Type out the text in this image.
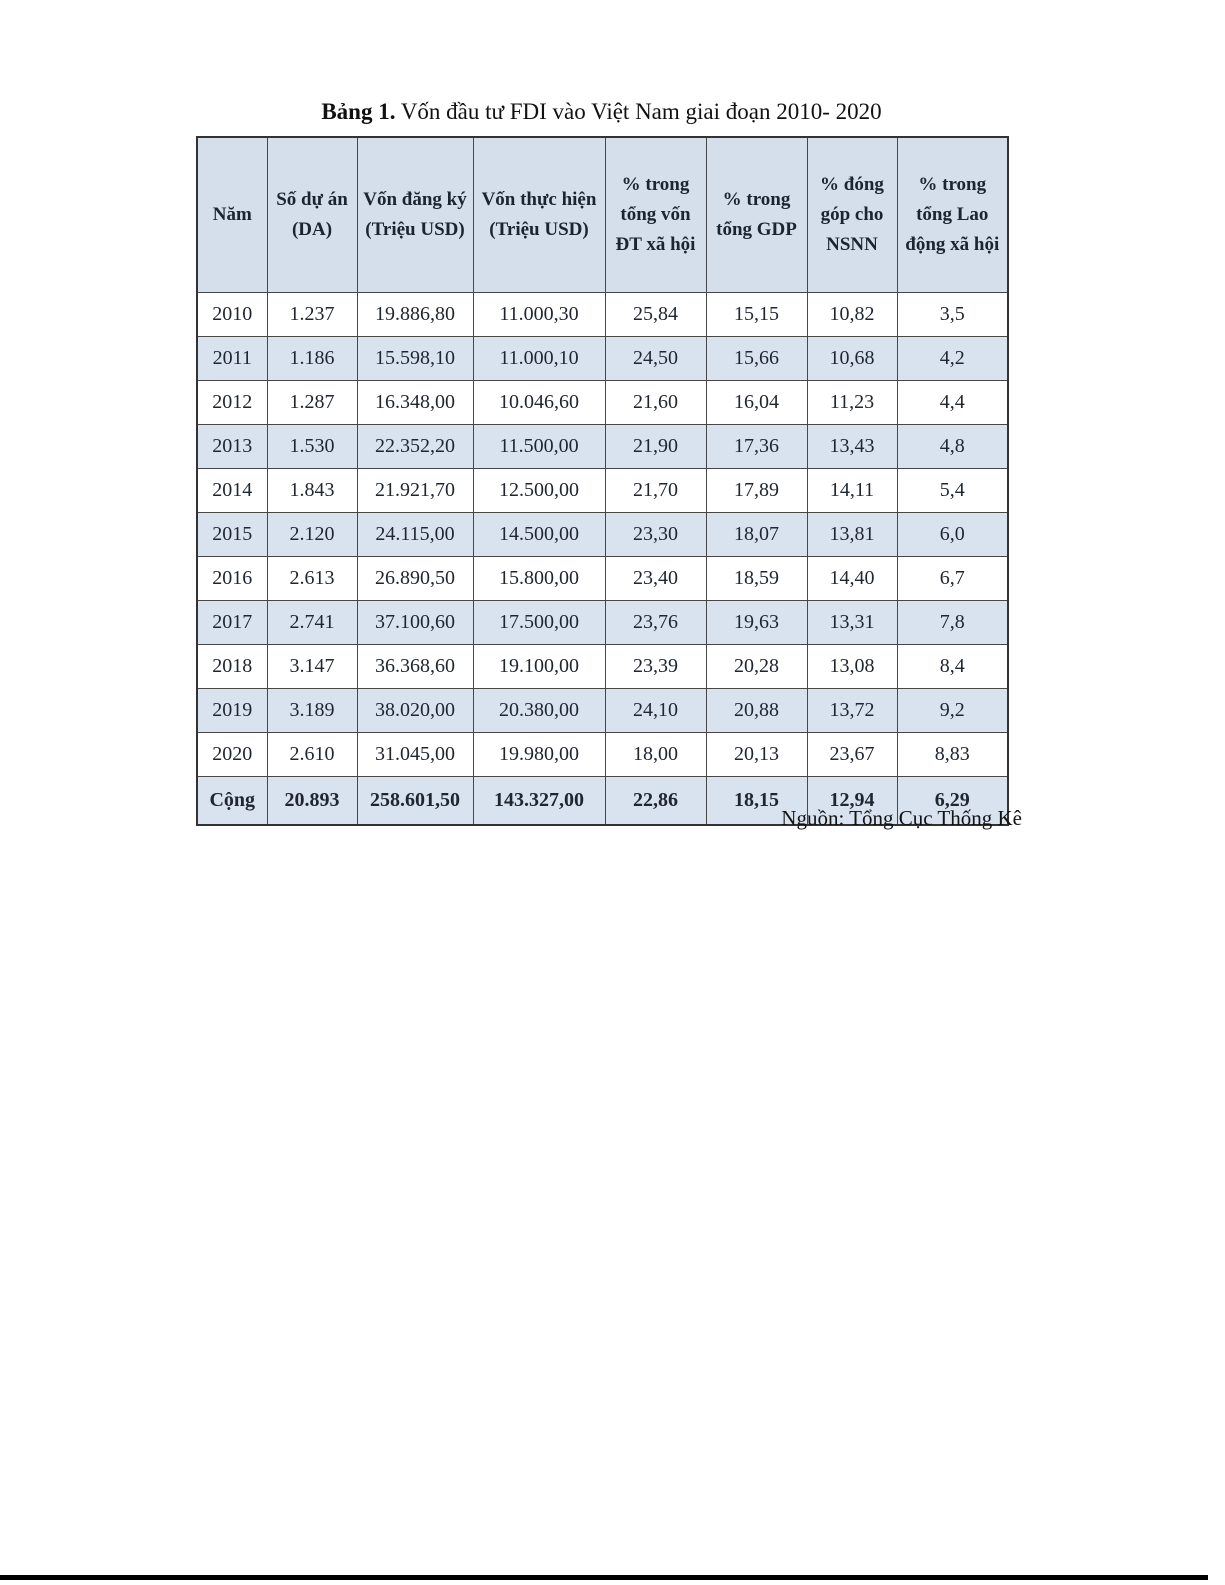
Bảng 1. Vốn đầu tư FDI vào Việt Nam giai đoạn 2010- 2020
Năm	Số dự án (DA)	Vốn đăng ký (Triệu USD)	Vốn thực hiện (Triệu USD)	% trong tổng vốn ĐT xã hội	% trong tổng GDP	% đóng góp cho NSNN	% trong tổng Lao động xã hội
2010	1.237	19.886,80	11.000,30	25,84	15,15	10,82	3,5
2011	1.186	15.598,10	11.000,10	24,50	15,66	10,68	4,2
2012	1.287	16.348,00	10.046,60	21,60	16,04	11,23	4,4
2013	1.530	22.352,20	11.500,00	21,90	17,36	13,43	4,8
2014	1.843	21.921,70	12.500,00	21,70	17,89	14,11	5,4
2015	2.120	24.115,00	14.500,00	23,30	18,07	13,81	6,0
2016	2.613	26.890,50	15.800,00	23,40	18,59	14,40	6,7
2017	2.741	37.100,60	17.500,00	23,76	19,63	13,31	7,8
2018	3.147	36.368,60	19.100,00	23,39	20,28	13,08	8,4
2019	3.189	38.020,00	20.380,00	24,10	20,88	13,72	9,2
2020	2.610	31.045,00	19.980,00	18,00	20,13	23,67	8,83
Cộng	20.893	258.601,50	143.327,00	22,86	18,15	12,94	6,29
Nguồn: Tổng Cục Thống Kê
